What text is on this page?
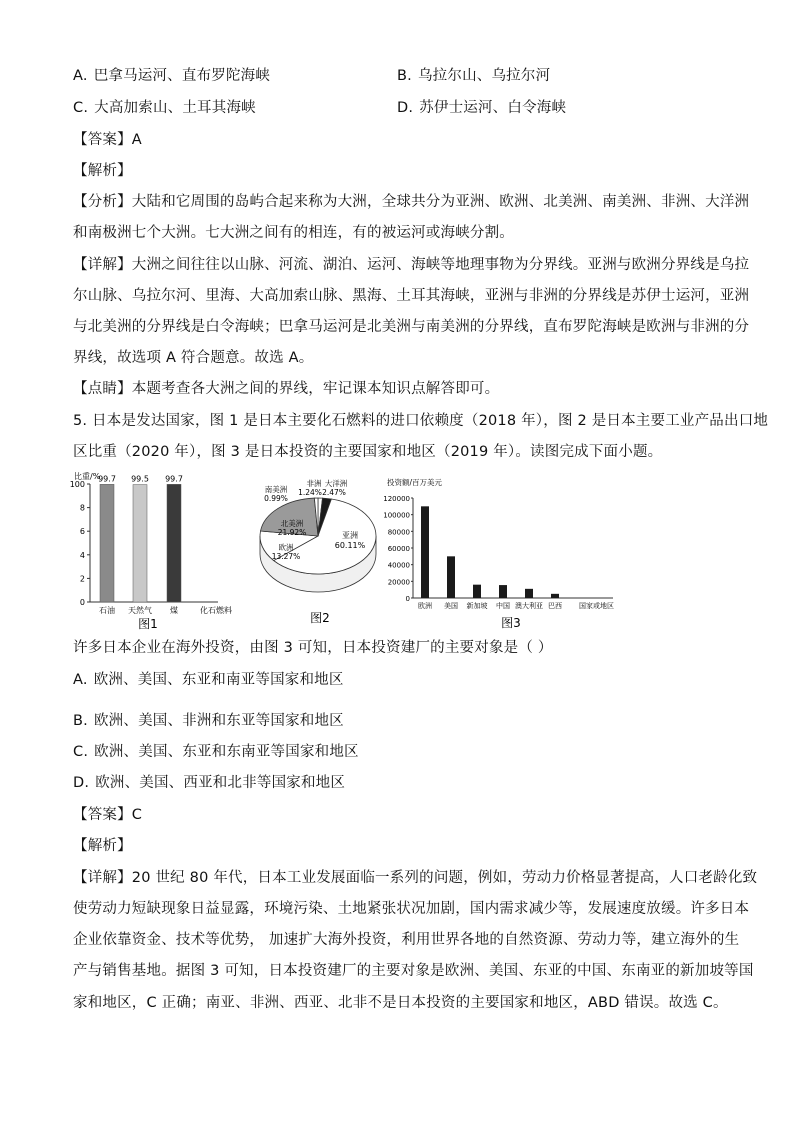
A. 巴拿马运河、直布罗陀海峡	B. 乌拉尔山、乌拉尔河
C. 大高加索山、土耳其海峡	D. 苏伊士运河、白令海峡
【答案】A
【解析】
【分析】大陆和它周围的岛屿合起来称为大洲，全球共分为亚洲、欧洲、北美洲、南美洲、非洲、大洋洲
和南极洲七个大洲。七大洲之间有的相连，有的被运河或海峡分割。
【详解】大洲之间往往以山脉、河流、湖泊、运河、海峡等地理事物为分界线。亚洲与欧洲分界线是乌拉
尔山脉、乌拉尔河、里海、大高加索山脉、黑海、土耳其海峡，亚洲与非洲的分界线是苏伊士运河，亚洲
与北美洲的分界线是白令海峡；巴拿马运河是北美洲与南美洲的分界线，直布罗陀海峡是欧洲与非洲的分
界线，故选项 A 符合题意。故选 A。
【点睛】本题考查各大洲之间的界线，牢记课本知识点解答即可。
5. 日本是发达国家，图 1 是日本主要化石燃料的进口依赖度（2018 年），图 2 是日本主要工业产品出口地
区比重（2020 年），图 3 是日本投资的主要国家和地区（2019 年）。读图完成下面小题。
比重/%
100
8
6
4
2
0
99.7
石油
99.5
天然气
99.7
煤	化石燃料
图1
亚洲
60.11%
欧洲
13.27%
北美洲
21.92%
南美洲
0.99%
非洲
1.24%
大洋洲
2.47%
图2
投资额/百万美元
120000
100000
80000
60000
40000
20000
0
欧洲 美国 新加坡 中国 澳大利亚 巴西 国家或地区
图3
许多日本企业在海外投资，由图 3 可知，日本投资建厂的主要对象是（ ）
A. 欧洲、美国、东亚和南亚等国家和地区
B. 欧洲、美国、非洲和东亚等国家和地区
C. 欧洲、美国、东亚和东南亚等国家和地区
D. 欧洲、美国、西亚和北非等国家和地区
【答案】C
【解析】
【详解】20 世纪 80 年代，日本工业发展面临一系列的问题，例如，劳动力价格显著提高，人口老龄化致
使劳动力短缺现象日益显露，环境污染、土地紧张状况加剧，国内需求减少等，发展速度放缓。许多日本
企业依靠资金、技术等优势， 加速扩大海外投资，利用世界各地的自然资源、劳动力等，建立海外的生
产与销售基地。据图 3 可知，日本投资建厂的主要对象是欧洲、美国、东亚的中国、东南亚的新加坡等国
家和地区，C 正确；南亚、非洲、西亚、北非不是日本投资的主要国家和地区，ABD 错误。故选 C。
